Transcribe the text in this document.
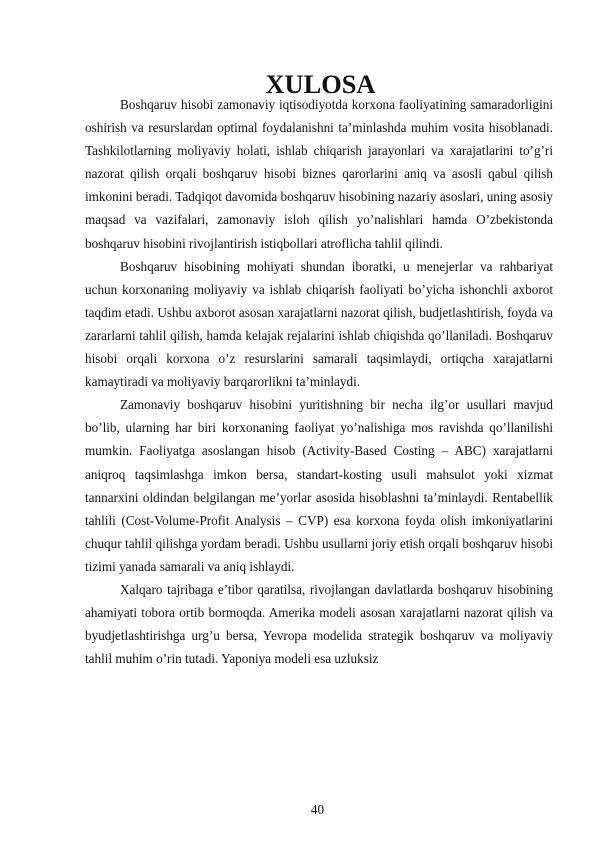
XULOSA

Boshqaruv hisobi zamonaviy iqtisodiyotda korxona faoliyatining samaradorligini oshirish va resurslardan optimal foydalanishni ta’minlashda muhim vosita hisoblanadi. Tashkilotlarning moliyaviy holati, ishlab chiqarish jarayonlari va xarajatlarini to’g’ri nazorat qilish orqali boshqaruv hisobi biznes qarorlarini aniq va asosli qabul qilish imkonini beradi. Tadqiqot davomida boshqaruv hisobining nazariy asoslari, uning asosiy maqsad va vazifalari, zamonaviy isloh qilish yo’nalishlari hamda O’zbekistonda boshqaruv hisobini rivojlantirish istiqbollari atroflicha tahlil qilindi.

Boshqaruv hisobining mohiyati shundan iboratki, u menejerlar va rahbariyat uchun korxonaning moliyaviy va ishlab chiqarish faoliyati bo’yicha ishonchli axborot taqdim etadi. Ushbu axborot asosan xarajatlarni nazorat qilish, budjetlashtirish, foyda va zararlarni tahlil qilish, hamda kelajak rejalarini ishlab chiqishda qo’llaniladi. Boshqaruv hisobi orqali korxona o’z resurslarini samarali taqsimlaydi, ortiqcha xarajatlarni kamaytiradi va moliyaviy barqarorlikni ta’minlaydi.

Zamonaviy boshqaruv hisobini yuritishning bir necha ilg’or usullari mavjud bo’lib, ularning har biri korxonaning faoliyat yo’nalishiga mos ravishda qo’llanilishi mumkin. Faoliyatga asoslangan hisob (Activity-Based Costing – ABC) xarajatlarni aniqroq taqsimlashga imkon bersa, standart-kosting usuli mahsulot yoki xizmat tannarxini oldindan belgilangan me’yorlar asosida hisoblashni ta’minlaydi. Rentabellik tahlili (Cost-Volume-Profit Analysis – CVP) esa korxona foyda olish imkoniyatlarini chuqur tahlil qilishga yordam beradi. Ushbu usullarni joriy etish orqali boshqaruv hisobi tizimi yanada samarali va aniq ishlaydi.

Xalqaro tajribaga e’tibor qaratilsa, rivojlangan davlatlarda boshqaruv hisobining ahamiyati tobora ortib bormoqda. Amerika modeli asosan xarajatlarni nazorat qilish va byudjetlashtirishga urg’u bersa, Yevropa modelida strategik boshqaruv va moliyaviy tahlil muhim o’rin tutadi. Yaponiya modeli esa uzluksiz

40
